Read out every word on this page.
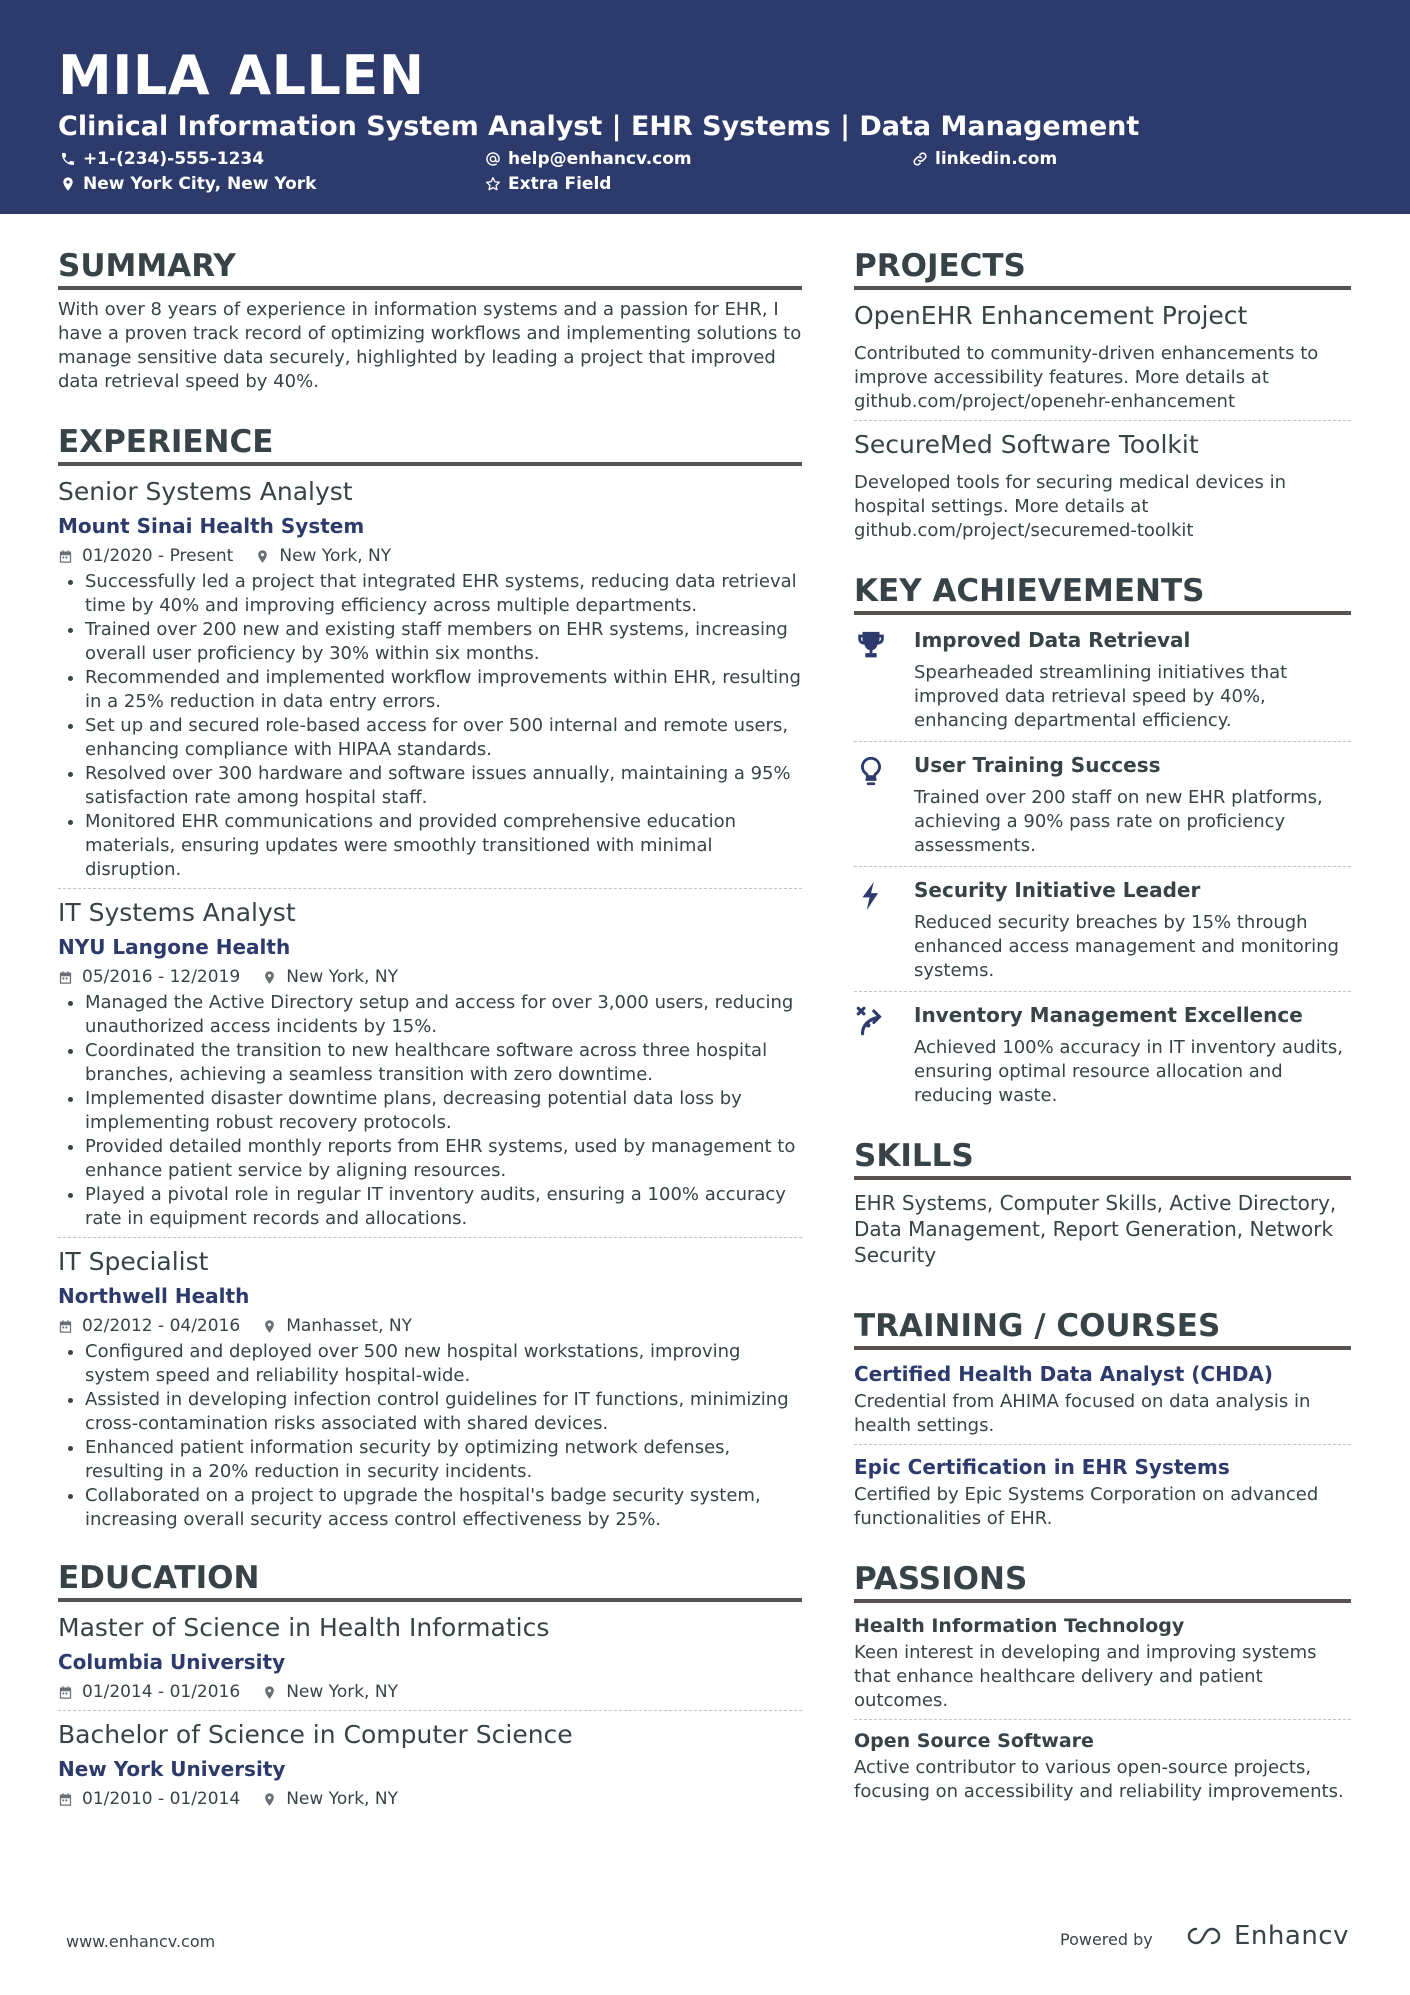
MILA ALLEN
Clinical Information System Analyst | EHR Systems | Data Management
+1-(234)-555-1234	help@enhancv.com	linkedin.com
New York City, New York	Extra Field
SUMMARY
With over 8 years of experience in information systems and a passion for EHR, I have a proven track record of optimizing workflows and implementing solutions to manage sensitive data securely, highlighted by leading a project that improved data retrieval speed by 40%.
EXPERIENCE
Senior Systems Analyst
Mount Sinai Health System
01/2020 - Present	New York, NY
• Successfully led a project that integrated EHR systems, reducing data retrieval time by 40% and improving efficiency across multiple departments.
• Trained over 200 new and existing staff members on EHR systems, increasing overall user proficiency by 30% within six months.
• Recommended and implemented workflow improvements within EHR, resulting in a 25% reduction in data entry errors.
• Set up and secured role-based access for over 500 internal and remote users, enhancing compliance with HIPAA standards.
• Resolved over 300 hardware and software issues annually, maintaining a 95% satisfaction rate among hospital staff.
• Monitored EHR communications and provided comprehensive education materials, ensuring updates were smoothly transitioned with minimal disruption.
IT Systems Analyst
NYU Langone Health
05/2016 - 12/2019	New York, NY
• Managed the Active Directory setup and access for over 3,000 users, reducing unauthorized access incidents by 15%.
• Coordinated the transition to new healthcare software across three hospital branches, achieving a seamless transition with zero downtime.
• Implemented disaster downtime plans, decreasing potential data loss by implementing robust recovery protocols.
• Provided detailed monthly reports from EHR systems, used by management to enhance patient service by aligning resources.
• Played a pivotal role in regular IT inventory audits, ensuring a 100% accuracy rate in equipment records and allocations.
IT Specialist
Northwell Health
02/2012 - 04/2016	Manhasset, NY
• Configured and deployed over 500 new hospital workstations, improving system speed and reliability hospital-wide.
• Assisted in developing infection control guidelines for IT functions, minimizing cross-contamination risks associated with shared devices.
• Enhanced patient information security by optimizing network defenses, resulting in a 20% reduction in security incidents.
• Collaborated on a project to upgrade the hospital's badge security system, increasing overall security access control effectiveness by 25%.
EDUCATION
Master of Science in Health Informatics
Columbia University
01/2014 - 01/2016	New York, NY
Bachelor of Science in Computer Science
New York University
01/2010 - 01/2014	New York, NY
PROJECTS
OpenEHR Enhancement Project
Contributed to community-driven enhancements to improve accessibility features. More details at github.com/project/openehr-enhancement
SecureMed Software Toolkit
Developed tools for securing medical devices in hospital settings. More details at github.com/project/securemed-toolkit
KEY ACHIEVEMENTS
Improved Data Retrieval
Spearheaded streamlining initiatives that improved data retrieval speed by 40%, enhancing departmental efficiency.
User Training Success
Trained over 200 staff on new EHR platforms, achieving a 90% pass rate on proficiency assessments.
Security Initiative Leader
Reduced security breaches by 15% through enhanced access management and monitoring systems.
Inventory Management Excellence
Achieved 100% accuracy in IT inventory audits, ensuring optimal resource allocation and reducing waste.
SKILLS
EHR Systems, Computer Skills, Active Directory, Data Management, Report Generation, Network Security
TRAINING / COURSES
Certified Health Data Analyst (CHDA)
Credential from AHIMA focused on data analysis in health settings.
Epic Certification in EHR Systems
Certified by Epic Systems Corporation on advanced functionalities of EHR.
PASSIONS
Health Information Technology
Keen interest in developing and improving systems that enhance healthcare delivery and patient outcomes.
Open Source Software
Active contributor to various open-source projects, focusing on accessibility and reliability improvements.
www.enhancv.com	Powered by	Enhancv
